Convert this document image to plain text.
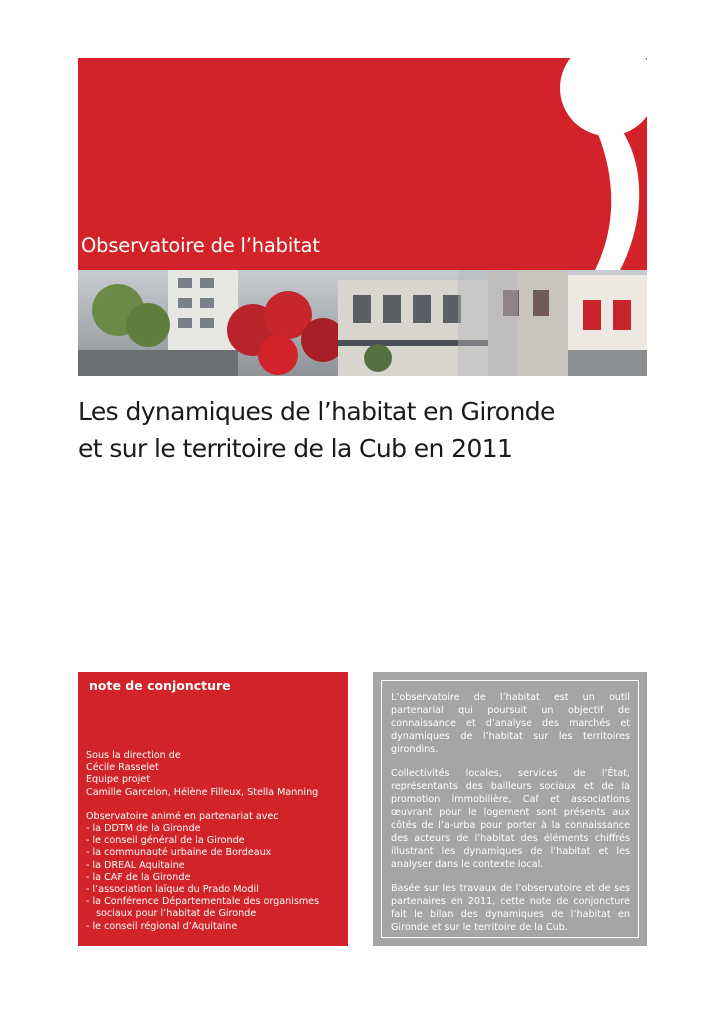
Observatoire de l’habitat
Les dynamiques de l’habitat en Gironde
et sur le territoire de la Cub en 2011
note de conjoncture
Sous la direction de
Cécile Rasselet
Equipe projet
Camille Garcelon, Hélène Filleux, Stella Manning
Observatoire animé en partenariat avec
- la DDTM de la Gironde
- le conseil général de la Gironde
- la communauté urbaine de Bordeaux
- la DREAL Aquitaine
- la CAF de la Gironde
- l’association laïque du Prado Modil
- la Conférence Départementale des organismes
sociaux pour l’habitat de Gironde
- le conseil régional d’Aquitaine

L’observatoire de l’habitat est un outil partenarial qui poursuit un objectif de connaissance et d’analyse des marchés et dynamiques de l’habitat sur les territoires girondins.

Collectivités locales, services de l’État, représentants des bailleurs sociaux et de la promotion immobilière, Caf et associations œuvrant pour le logement sont présents aux côtés de l’a-urba pour porter à la connaissance des acteurs de l’habitat des éléments chiffrés illustrant les dynamiques de l’habitat et les analyser dans le contexte local.

Basée sur les travaux de l’observatoire et de ses partenaires en 2011, cette note de conjoncture fait le bilan des dynamiques de l’habitat en Gironde et sur le territoire de la Cub.
